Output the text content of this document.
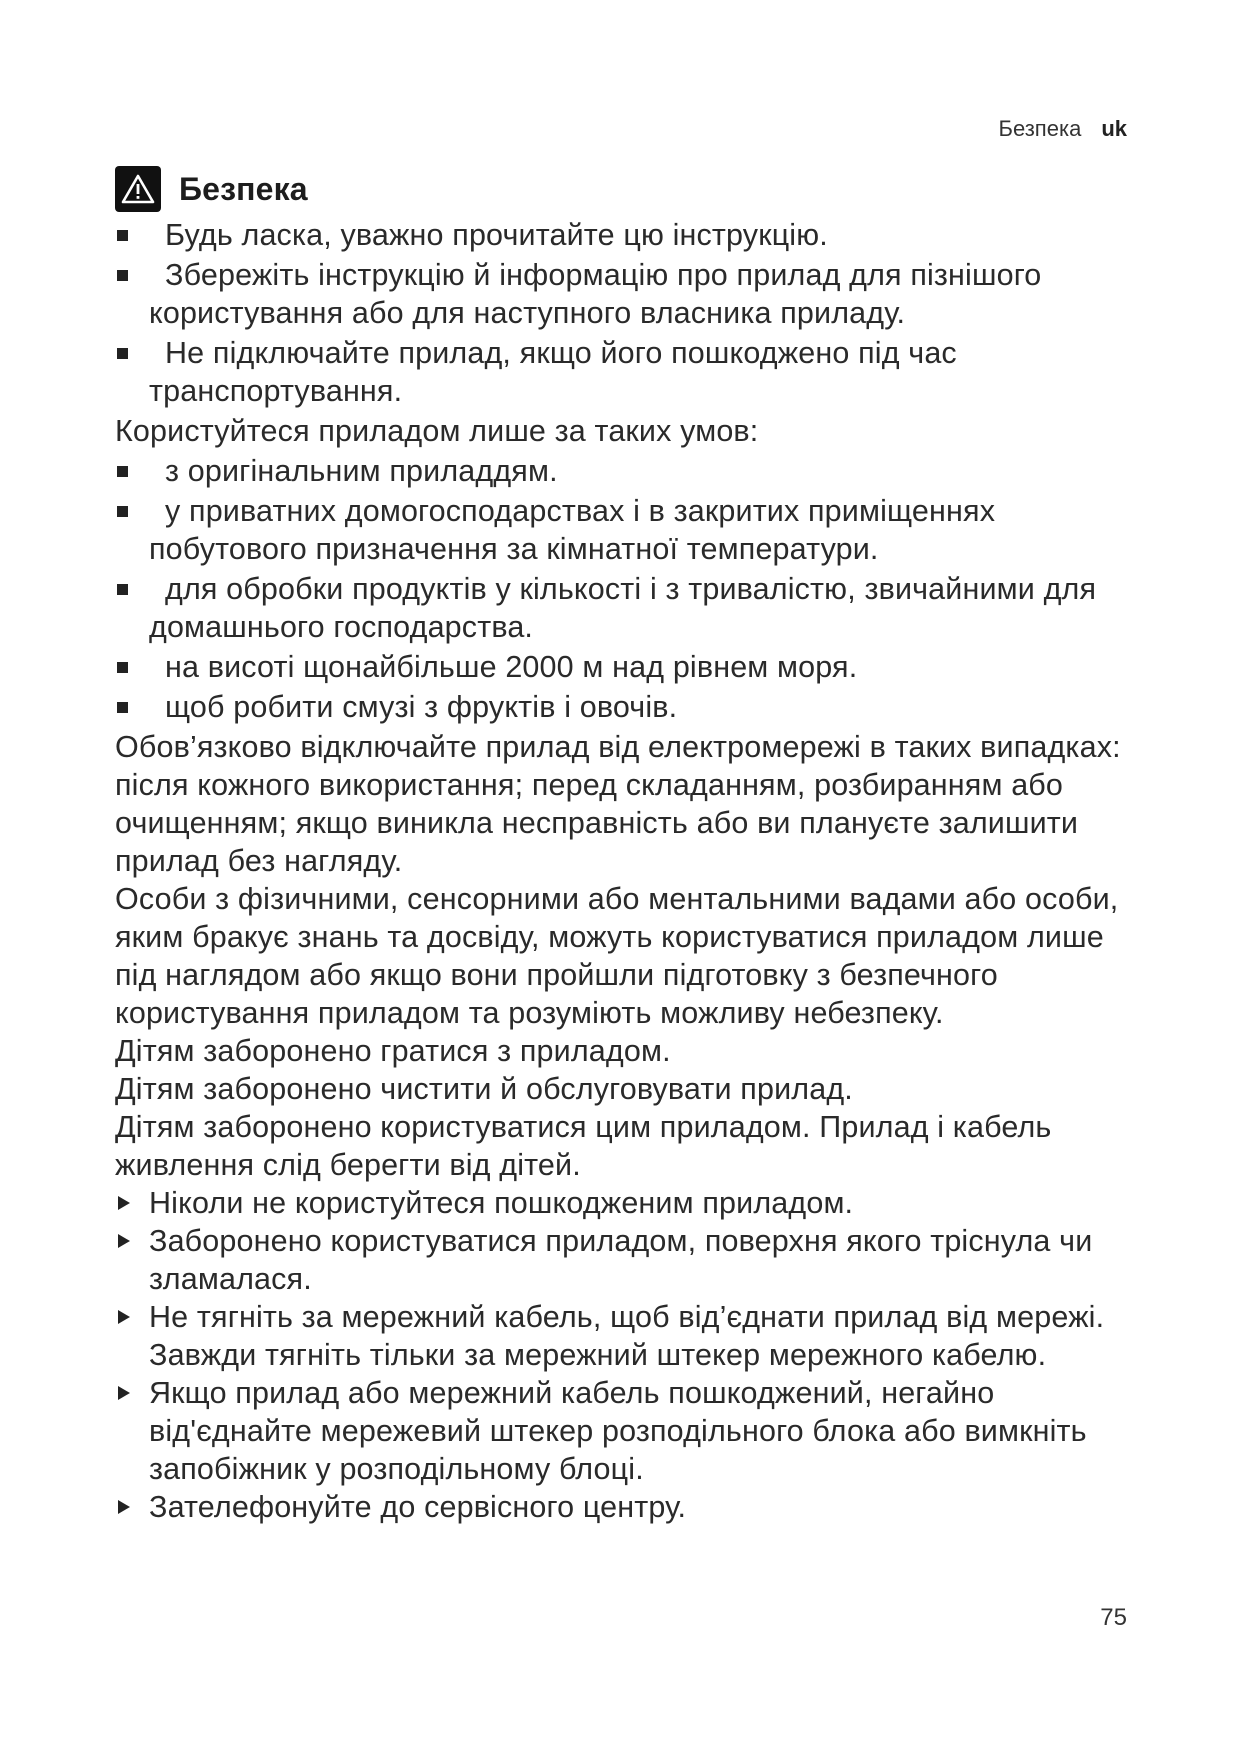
Безпека uk
Безпека
Будь ласка, уважно прочитайте цю інструкцію.
Збережіть інструкцію й інформацію про прилад для пізнішого користування або для наступного власника приладу.
Не підключайте прилад, якщо його пошкоджено під час транспортування.

Користуйтеся приладом лише за таких умов:

з оригінальним приладдям.
у приватних домогосподарствах і в закритих приміщеннях побутового призначення за кімнатної температури.
для обробки продуктів у кількості і з тривалістю, звичайними для домашнього господарства.
на висоті щонайбільше 2000 м над рівнем моря.
щоб робити смузі з фруктів і овочів.

Обов’язково відключайте прилад від електромережі в таких випадках: після кожного використання; перед складанням, розбиранням або очищенням; якщо виникла несправність або ви плануєте залишити прилад без нагляду.

Особи з фізичними, сенсорними або ментальними вадами або особи, яким бракує знань та досвіду, можуть користуватися приладом лише під наглядом або якщо вони пройшли підготовку з безпечного користування приладом та розуміють можливу небезпеку.

Дітям заборонено гратися з приладом.

Дітям заборонено чистити й обслуговувати прилад.

Дітям заборонено користуватися цим приладом. Прилад і кабель живлення слід берегти від дітей.

Ніколи не користуйтеся пошкодженим приладом.
Заборонено користуватися приладом, поверхня якого тріснула чи зламалася.
Не тягніть за мережний кабель, щоб від’єднати прилад від мережі. Завжди тягніть тільки за мережний штекер мережного кабелю.
Якщо прилад або мережний кабель пошкоджений, негайно від'єднайте мережевий штекер розподільного блока або вимкніть запобіжник у розподільному блоці.
Зателефонуйте до сервісного центру.
75
